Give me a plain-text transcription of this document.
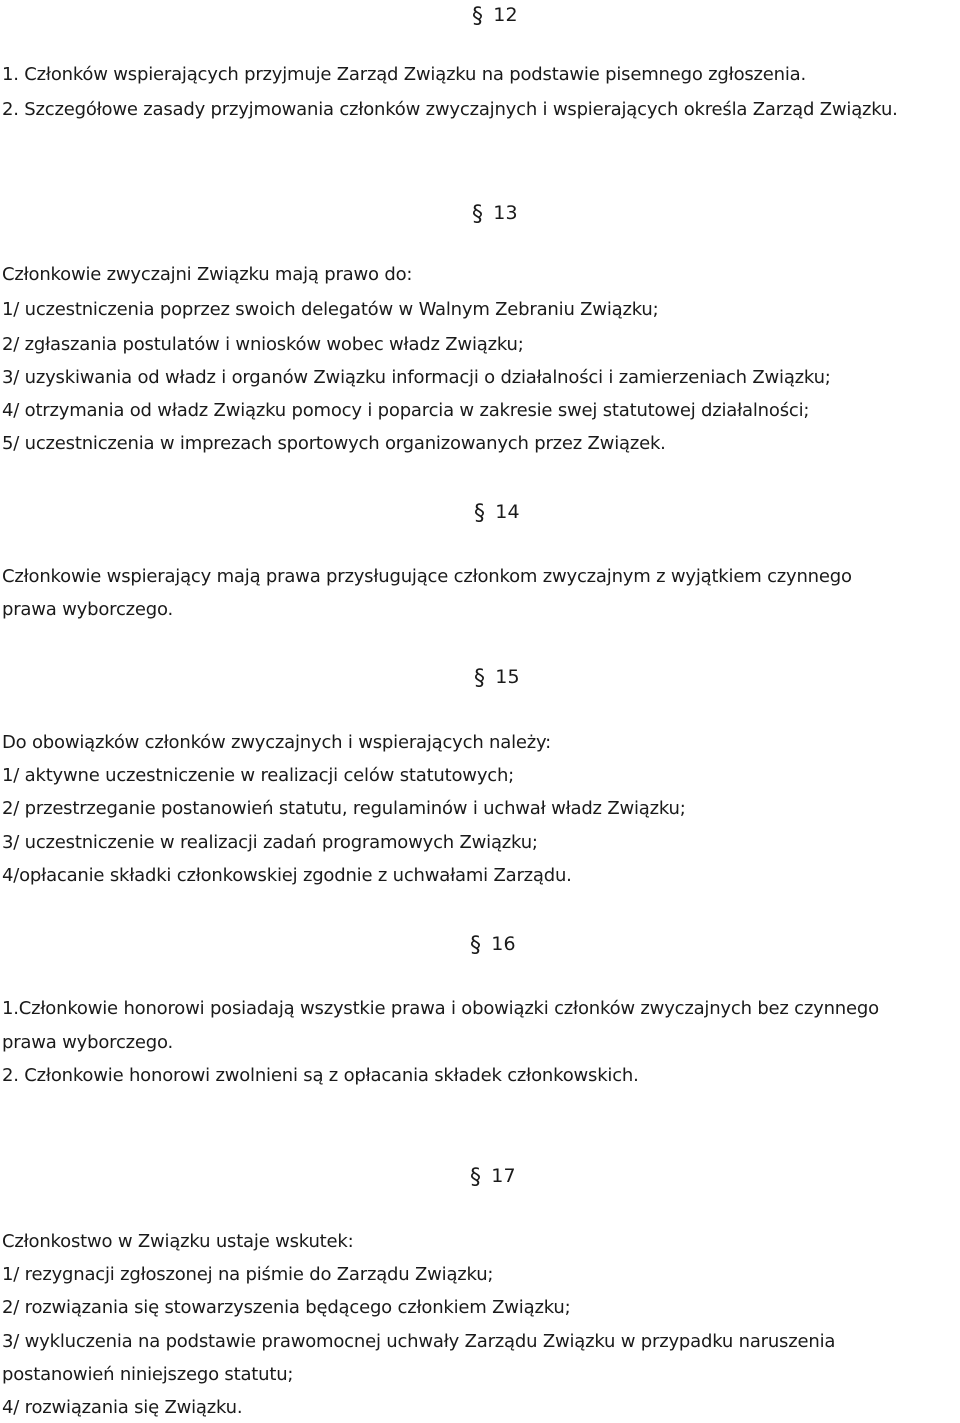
§ 12

1. Członków wspierających przyjmuje Zarząd Związku na podstawie pisemnego zgłoszenia.

2. Szczegółowe zasady przyjmowania członków zwyczajnych i wspierających określa Zarząd Związku.

§ 13

Członkowie zwyczajni Związku mają prawo do:

1/ uczestniczenia poprzez swoich delegatów w Walnym Zebraniu Związku;

2/ zgłaszania postulatów i wniosków wobec władz Związku;

3/ uzyskiwania od władz i organów Związku informacji o działalności i zamierzeniach Związku;

4/ otrzymania od władz Związku pomocy i poparcia w zakresie swej statutowej działalności;

5/ uczestniczenia w imprezach sportowych organizowanych przez Związek.

§ 14

Członkowie wspierający mają prawa przysługujące członkom zwyczajnym z wyjątkiem czynnego

prawa wyborczego.

§ 15

Do obowiązków członków zwyczajnych i wspierających należy:

1/ aktywne uczestniczenie w realizacji celów statutowych;

2/ przestrzeganie postanowień statutu, regulaminów i uchwał władz Związku;

3/ uczestniczenie w realizacji zadań programowych Związku;

4/opłacanie składki członkowskiej zgodnie z uchwałami Zarządu.

§ 16

1.Członkowie honorowi posiadają wszystkie prawa i obowiązki członków zwyczajnych bez czynnego

prawa wyborczego.

2. Członkowie honorowi zwolnieni są z opłacania składek członkowskich.

§ 17

Członkostwo w Związku ustaje wskutek:

1/ rezygnacji zgłoszonej na piśmie do Zarządu Związku;

2/ rozwiązania się stowarzyszenia będącego członkiem Związku;

3/ wykluczenia na podstawie prawomocnej uchwały Zarządu Związku w przypadku naruszenia

postanowień niniejszego statutu;

4/ rozwiązania się Związku.
